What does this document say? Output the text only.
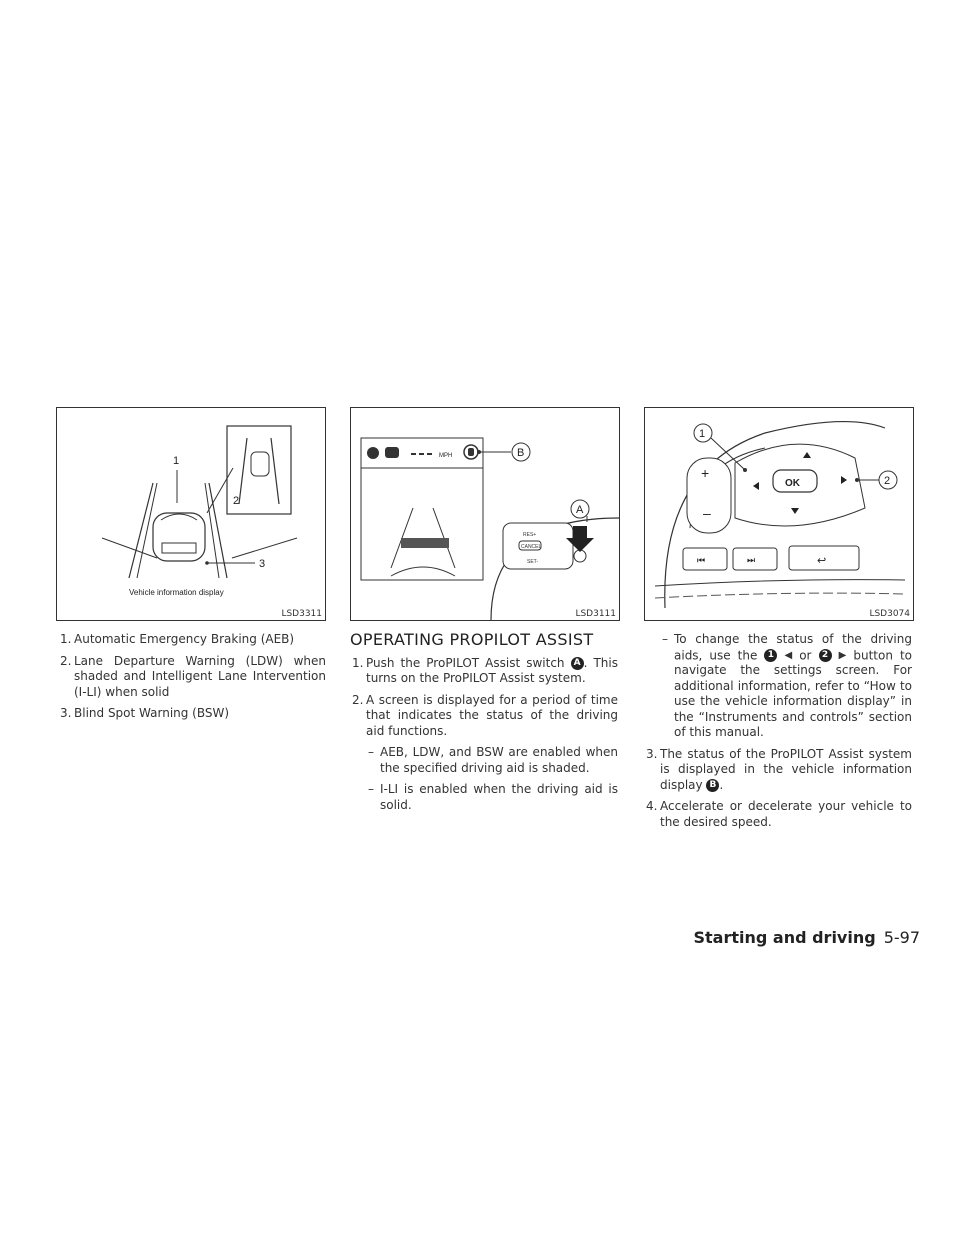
1
2
3
Vehicle information display
LSD3311
MPH	B
RES+
CANCEL
SET-
A
LSD3111
+
–
OK
⏮	⏭	↩
1
2
LSD3074
1. Automatic Emergency Braking (AEB)
2. Lane Departure Warning (LDW) when shaded and Intelligent Lane Intervention (I-LI) when solid
3. Blind Spot Warning (BSW)
OPERATING PROPILOT ASSIST
1. Push the ProPILOT Assist switch A . This turns on the ProPILOT Assist system.
2. A screen is displayed for a period of time that indicates the status of the driving aid functions.
– AEB, LDW, and BSW are enabled when the specified driving aid is shaded.
– I-LI is enabled when the driving aid is solid.
– To change the status of the driving aids, use the 1 ◀ or 2 ▶ button to navigate the settings screen. For additional information, refer to “How to use the vehicle information display” in the “Instruments and controls” section of this manual.
3. The status of the ProPILOT Assist system is displayed in the vehicle information display B .
4. Accelerate or decelerate your vehicle to the desired speed.
Starting and driving 5-97
